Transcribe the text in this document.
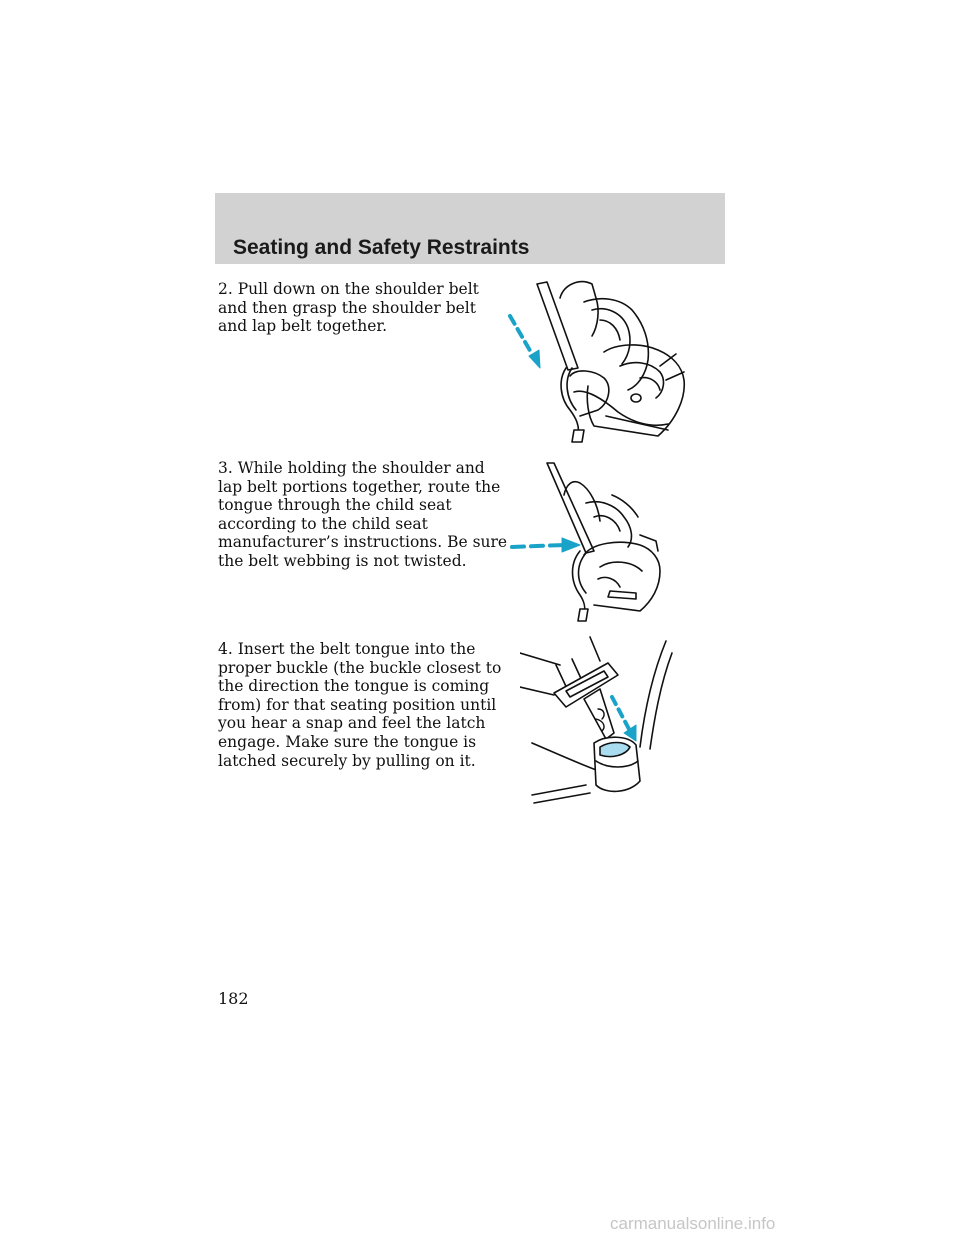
Seating and Safety Restraints
2. Pull down on the shoulder belt
and then grasp the shoulder belt
and lap belt together.
3. While holding the shoulder and
lap belt portions together, route the
tongue through the child seat
according to the child seat
manufacturer’s instructions. Be sure
the belt webbing is not twisted.
4. Insert the belt tongue into the
proper buckle (the buckle closest to
the direction the tongue is coming
from) for that seating position until
you hear a snap and feel the latch
engage. Make sure the tongue is
latched securely by pulling on it.
182
carmanualsonline.info
